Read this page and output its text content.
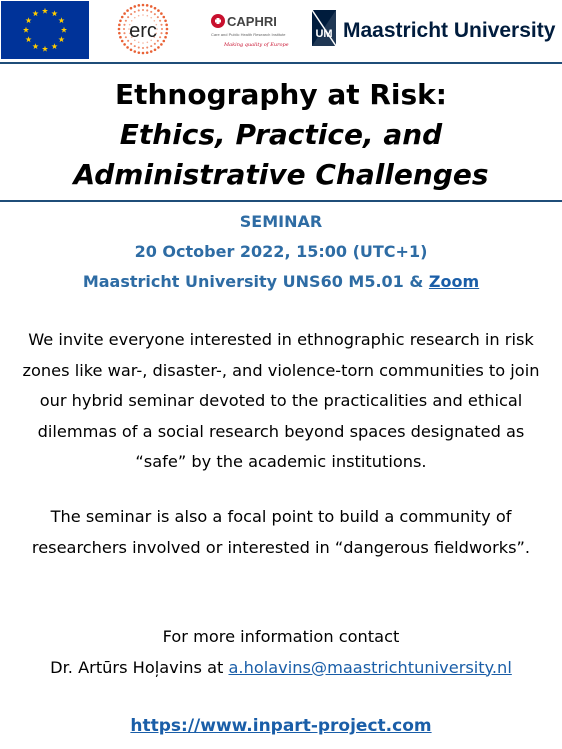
erc	CAPHRI
Care and Public Health Research Institute
Making quality of Europe
UM Maastricht University
Ethnography at Risk:
Ethics, Practice, and
Administrative Challenges
SEMINAR
20 October 2022, 15:00 (UTC+1)
Maastricht University UNS60 M5.01 & Zoom
We invite everyone interested in ethnographic research in risk
zones like war-, disaster-, and violence-torn communities to join
our hybrid seminar devoted to the practicalities and ethical
dilemmas of a social research beyond spaces designated as
“safe” by the academic institutions.
The seminar is also a focal point to build a community of
researchers involved or interested in “dangerous fieldworks”.
For more information contact
Dr. Artūrs Hoļavins at a.holavins@maastrichtuniversity.nl
https://www.inpart-project.com
